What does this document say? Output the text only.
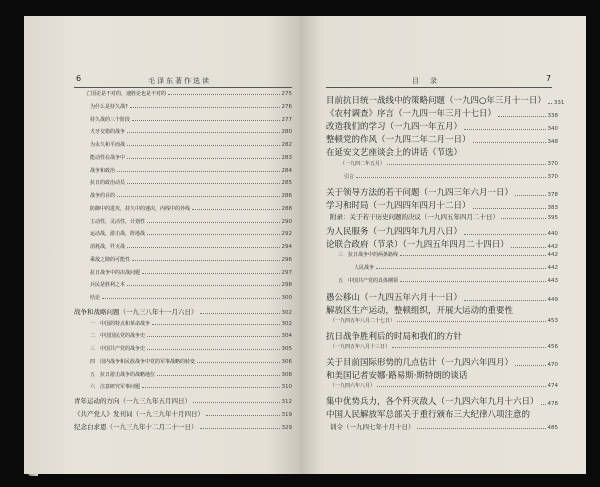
6	毛泽东著作选读
亡国论是不对的，速胜论也是不对的	275
为什么是持久战?	276
持久战的三个阶段	277
犬牙交错的战争	280
为永久和平而战	282
能动性在战争中	283
战争和政治	284
抗日的政治动员	285
战争的目的	286
防御中的进攻，持久中的速决，内线中的外线	288
主动性，灵活性，计划性	290
运动战，游击战，阵地战	292
消耗战，歼灭战	294
乘敌之隙的可能性	296
抗日战争中的决战问题	297
兵民是胜利之本	298
结论	300
战争和战略问题（一九三八年十一月六日）	302
一　中国的特点和革命战争	302
二　中国国民党的战争史	304
三　中国共产党的战争史	305
四　国内战争和民族战争中党的军事战略的转变	306
五　抗日游击战争的战略地位	308
六　注意研究军事问题	310
青年运动的方向（一九三九年五月四日）	312
《共产党人》发刊词（一九三九年十月四日）	319
纪念白求恩（一九三九年十二月二十一日）	329
目　录	7
目前抗日统一战线中的策略问题（一九四○年三月十一日） 331
《农村调查》序言（一九四一年三月十七日）	338
改造我们的学习（一九四一年五月）	340
整顿党的作风（一九四二年二月一日）	348
在延安文艺座谈会上的讲话（节选）
（一九四二年五月）	370
引言	370
关于领导方法的若干问题（一九四三年六月一日）	378
学习和时局（一九四四年四月十二日）	383
附录：关于若干历史问题的决议（一九四五年四月二十日）	395
为人民服务（一九四四年九月八日）	440
论联合政府（节录）（一九四五年四月二十四日）	442
三　抗日战争中的两条路线	442
人民战争	442
五　中国共产党的具体纲领	443
愚公移山（一九四五年六月十一日）	449
解放区生产运动，整顿组织，开展大运动的重要性
（一九四五年八月二十七日）	453
抗日战争胜利后的时局和我们的方针
（一九四五年八月十三日）	456
关于目前国际形势的几点估计（一九四六年四月）	470
和美国记者安娜·路易斯·斯特朗的谈话
（一九四六年八月）	474
集中优势兵力，各个歼灭敌人（一九四六年九月十六日） 478
中国人民解放军总部关于重行颁布三大纪律八项注意的
训令（一九四七年十月十日）	485
